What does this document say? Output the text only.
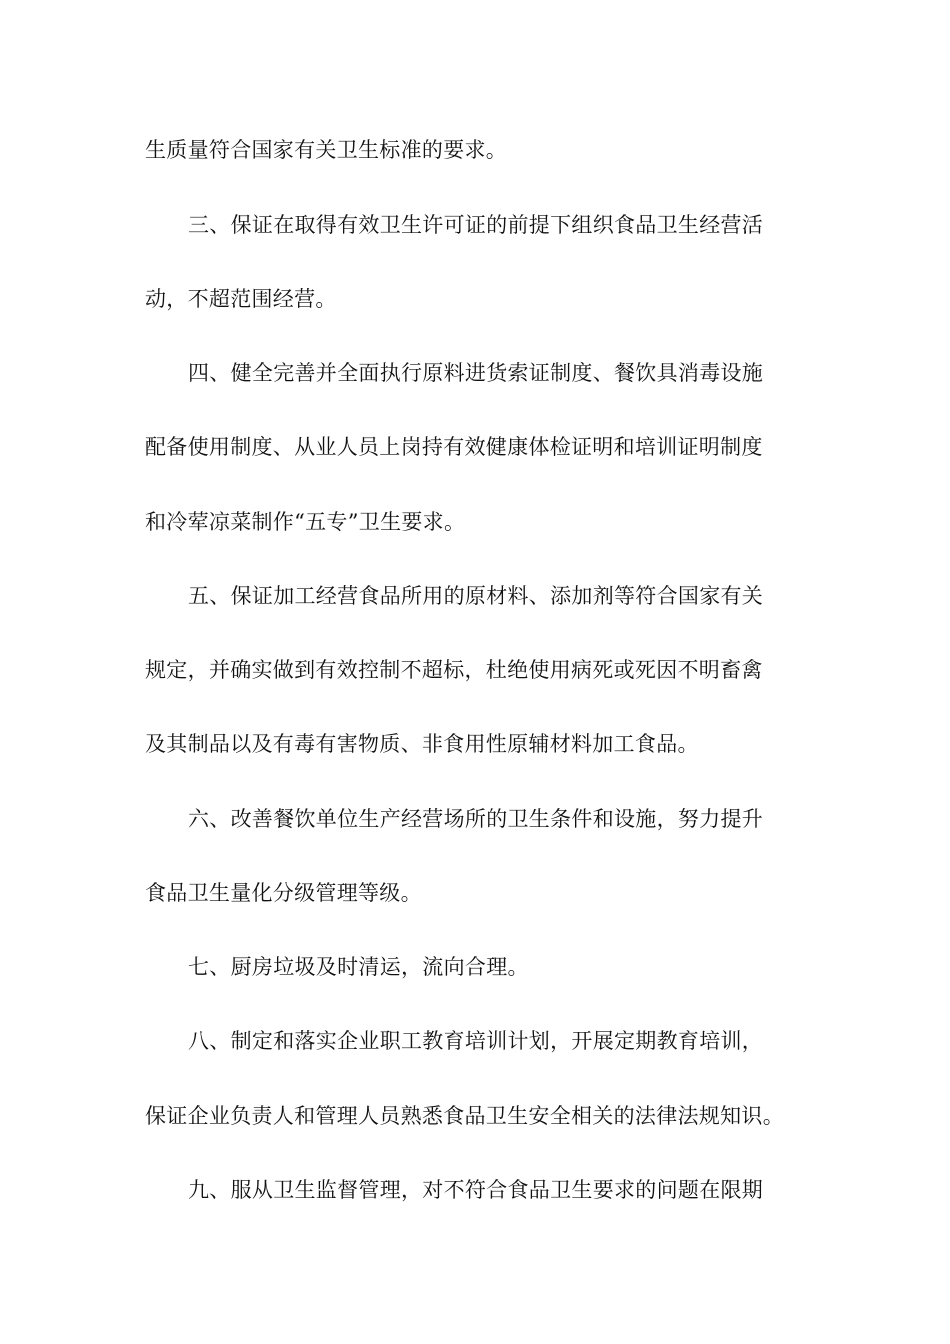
生质量符合国家有关卫生标准的要求。
三、保证在取得有效卫生许可证的前提下组织食品卫生经营活
动，不超范围经营。
四、健全完善并全面执行原料进货索证制度、餐饮具消毒设施
配备使用制度、从业人员上岗持有效健康体检证明和培训证明制度
和冷荤凉菜制作“五专”卫生要求。
五、保证加工经营食品所用的原材料、添加剂等符合国家有关
规定，并确实做到有效控制不超标，杜绝使用病死或死因不明畜禽
及其制品以及有毒有害物质、非食用性原辅材料加工食品。
六、改善餐饮单位生产经营场所的卫生条件和设施，努力提升
食品卫生量化分级管理等级。
七、厨房垃圾及时清运，流向合理。
八、制定和落实企业职工教育培训计划，开展定期教育培训，
保证企业负责人和管理人员熟悉食品卫生安全相关的法律法规知识。
九、服从卫生监督管理，对不符合食品卫生要求的问题在限期
